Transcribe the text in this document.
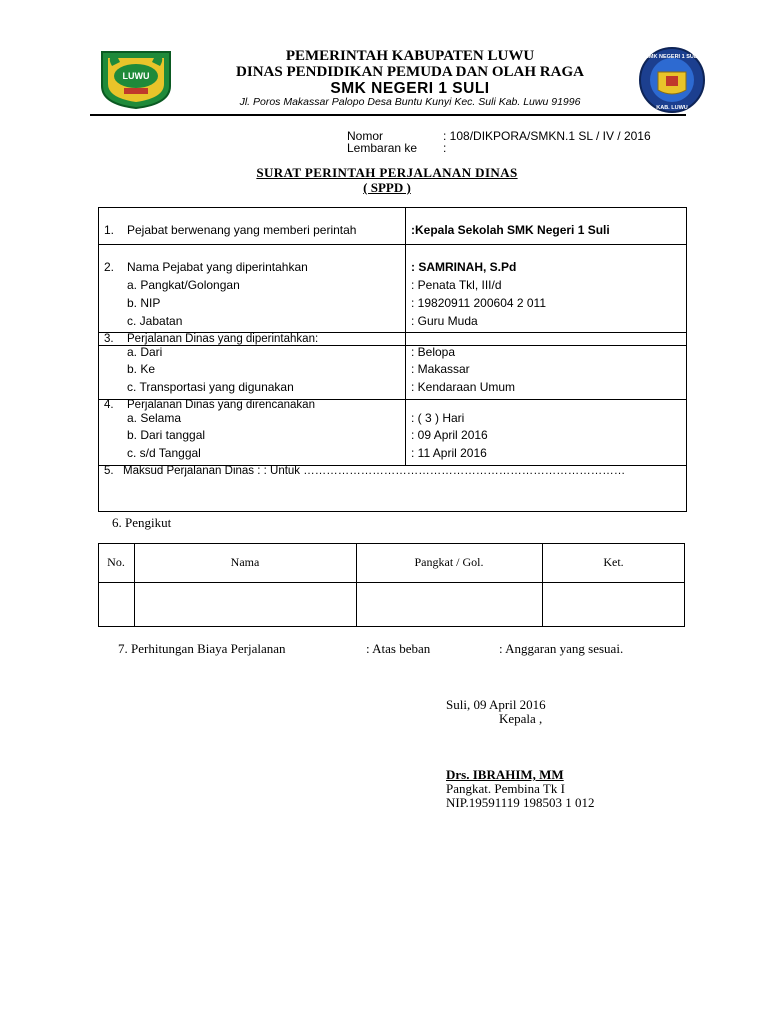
LUWU
PEMERINTAH KABUPATEN LUWU
DINAS PENDIDIKAN PEMUDA DAN OLAH RAGA
SMK NEGERI 1 SULI
Jl. Poros Makassar Palopo Desa Buntu Kunyi Kec. Suli Kab. Luwu 91996
SMK NEGERI 1 SULI
KAB. LUWU
Nomor	: 108/DIKPORA/SMKN.1 SL / IV / 2016
Lembaran ke :
SURAT PERINTAH PERJALANAN DINAS
( SPPD )
1. Pejabat berwenang yang memberi perintah	:Kepala Sekolah SMK Negeri 1 Suli
2. Nama Pejabat yang diperintahkan	: SAMRINAH, S.Pd
a. Pangkat/Golongan	: Penata Tkl, III/d
b. NIP	: 19820911 200604 2 011
c. Jabatan	: Guru Muda
3. Perjalanan Dinas yang diperintahkan:
a. Dari	: Belopa
b. Ke	: Makassar
c. Transportasi yang digunakan	: Kendaraan Umum
4. Perjalanan Dinas yang direncanakan
a. Selama	: ( 3 ) Hari
b. Dari tanggal	: 09 April 2016
c. s/d Tanggal	: 11 April 2016
5. Maksud Perjalanan Dinas : : Untuk …………………………………………………………………………
6. Pengikut
No.	Nama	Pangkat / Gol.	Ket.
7. Perhitungan Biaya Perjalanan	: Atas beban	: Anggaran yang sesuai.
Suli, 09 April 2016
Kepala ,
Drs. IBRAHIM, MM
Pangkat. Pembina Tk I
NIP.19591119 198503 1 012
